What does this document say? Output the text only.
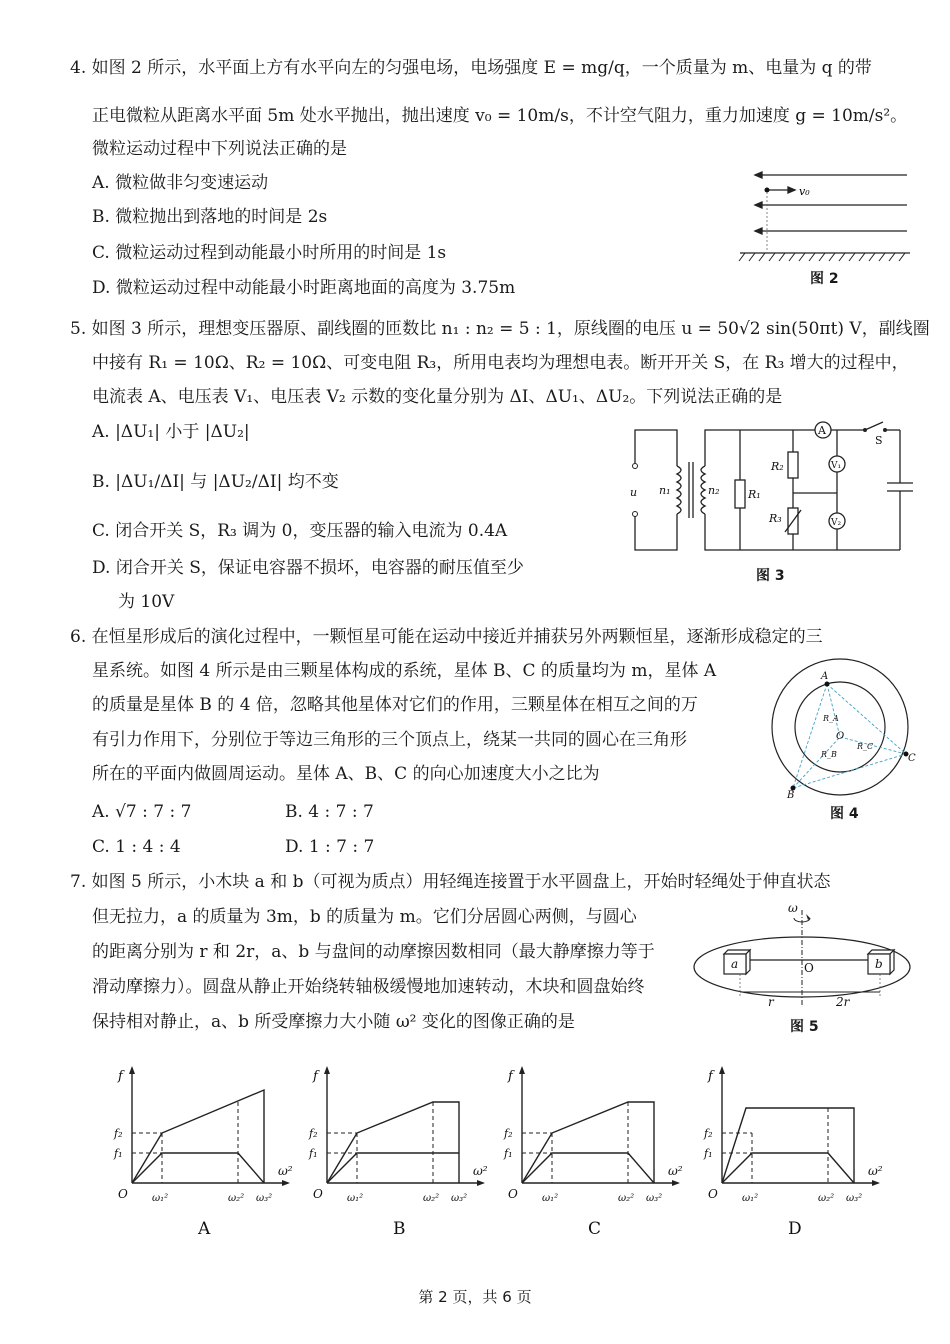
4. 如图 2 所示，水平面上方有水平向左的匀强电场，电场强度 E = mg/q，一个质量为 m、电量为 q 的带
正电微粒从距离水平面 5m 处水平抛出，抛出速度 v₀ = 10m/s，不计空气阻力，重力加速度 g = 10m/s²。
微粒运动过程中下列说法正确的是
A. 微粒做非匀变速运动
B. 微粒抛出到落地的时间是 2s
C. 微粒运动过程到动能最小时所用的时间是 1s
D. 微粒运动过程中动能最小时距离地面的高度为 3.75m
v₀
图 2
5. 如图 3 所示，理想变压器原、副线圈的匝数比 n₁ : n₂ = 5 : 1，原线圈的电压 u = 50√2 sin(50πt) V，副线圈
中接有 R₁ = 10Ω、R₂ = 10Ω、可变电阻 R₃，所用电表均为理想电表。断开开关 S，在 R₃ 增大的过程中，
电流表 A、电压表 V₁、电压表 V₂ 示数的变化量分别为 ΔI、ΔU₁、ΔU₂。下列说法正确的是
A. |ΔU₁| 小于 |ΔU₂|
B. |ΔU₁/ΔI| 与 |ΔU₂/ΔI| 均不变
C. 闭合开关 S，R₃ 调为 0，变压器的输入电流为 0.4A
D. 闭合开关 S，保证电容器不损坏，电容器的耐压值至少
为 10V
u n₁	n₂	R₁
R₂
R₃
A
V₁
V₂
S
图 3
6. 在恒星形成后的演化过程中，一颗恒星可能在运动中接近并捕获另外两颗恒星，逐渐形成稳定的三
星系统。如图 4 所示是由三颗星体构成的系统，星体 B、C 的质量均为 m，星体 A
的质量是星体 B 的 4 倍，忽略其他星体对它们的作用，三颗星体在相互之间的万
有引力作用下，分别位于等边三角形的三个顶点上，绕某一共同的圆心在三角形
所在的平面内做圆周运动。星体 A、B、C 的向心加速度大小之比为
A. √7 : 7 : 7	B. 4 : 7 : 7
C. 1 : 4 : 4	D. 1 : 7 : 7
A
B
C
O
R_A
R_B
R_C
图 4
7. 如图 5 所示，小木块 a 和 b（可视为质点）用轻绳连接置于水平圆盘上，开始时轻绳处于伸直状态
但无拉力，a 的质量为 3m，b 的质量为 m。它们分居圆心两侧，与圆心
的距离分别为 r 和 2r，a、b 与盘间的动摩擦因数相同（最大静摩擦力等于
滑动摩擦力）。圆盘从静止开始绕转轴极缓慢地加速转动，木块和圆盘始终
保持相对静止，a、b 所受摩擦力大小随 ω² 变化的图像正确的是
ω
a	b
O
r	2r
图 5
f
f₂
f₁
O
ω²
ω₁²	ω₂² ω₃²
A
f
f₂
f₁
O
ω²
ω₁²	ω₂² ω₃²
B
f
f₂
f₁
O
ω²
ω₁²	ω₂² ω₃²
C
f
f₂
f₁
O
ω²
ω₁²	ω₂² ω₃²
D
第 2 页，共 6 页
